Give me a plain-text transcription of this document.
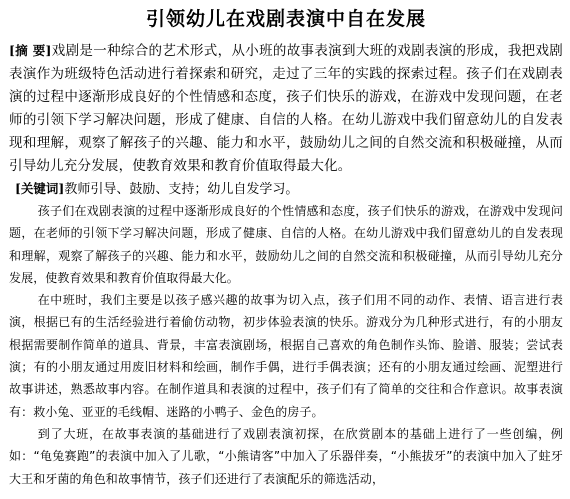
引领幼儿在戏剧表演中自在发展

[摘 要]戏剧是一种综合的艺术形式，从小班的故事表演到大班的戏剧表演的形成，我把戏剧表演作为班级特色活动进行着探索和研究，走过了三年的实践的探索过程。孩子们在戏剧表演的过程中逐渐形成良好的个性情感和态度，孩子们快乐的游戏，在游戏中发现问题，在老师的引领下学习解决问题，形成了健康、自信的人格。在幼儿游戏中我们留意幼儿的自发表现和理解，观察了解孩子的兴趣、能力和水平，鼓励幼儿之间的自然交流和积极碰撞，从而引导幼儿充分发展，使教育效果和教育价值取得最大化。

[关键词]教师引导、鼓励、支持；幼儿自发学习。

孩子们在戏剧表演的过程中逐渐形成良好的个性情感和态度，孩子们快乐的游戏，在游戏中发现问题，在老师的引领下学习解决问题，形成了健康、自信的人格。在幼儿游戏中我们留意幼儿的自发表现和理解，观察了解孩子的兴趣、能力和水平，鼓励幼儿之间的自然交流和积极碰撞，从而引导幼儿充分发展，使教育效果和教育价值取得最大化。

在中班时，我们主要是以孩子感兴趣的故事为切入点，孩子们用不同的动作、表情、语言进行表演，根据已有的生活经验进行着偷仿动物，初步体验表演的快乐。游戏分为几种形式进行，有的小朋友根据需要制作简单的道具、背景，丰富表演剧场，根据自己喜欢的角色制作头饰、脸谱、服装；尝试表演；有的小朋友通过用废旧材料和绘画，制作手偶，进行手偶表演；还有的小朋友通过绘画、泥塑进行故事讲述，熟悉故事内容。在制作道具和表演的过程中，孩子们有了简单的交往和合作意识。故事表演有：救小兔、亚亚的毛线帽、迷路的小鸭子、金色的房子。

到了大班，在故事表演的基础进行了戏剧表演初探，在欣赏剧本的基础上进行了一些创编，例如：“龟兔赛跑”的表演中加入了儿歌，“小熊请客”中加入了乐器伴奏，“小熊拔牙”的表演中加入了蛀牙大王和牙菌的角色和故事情节，孩子们还进行了表演配乐的筛选活动，
